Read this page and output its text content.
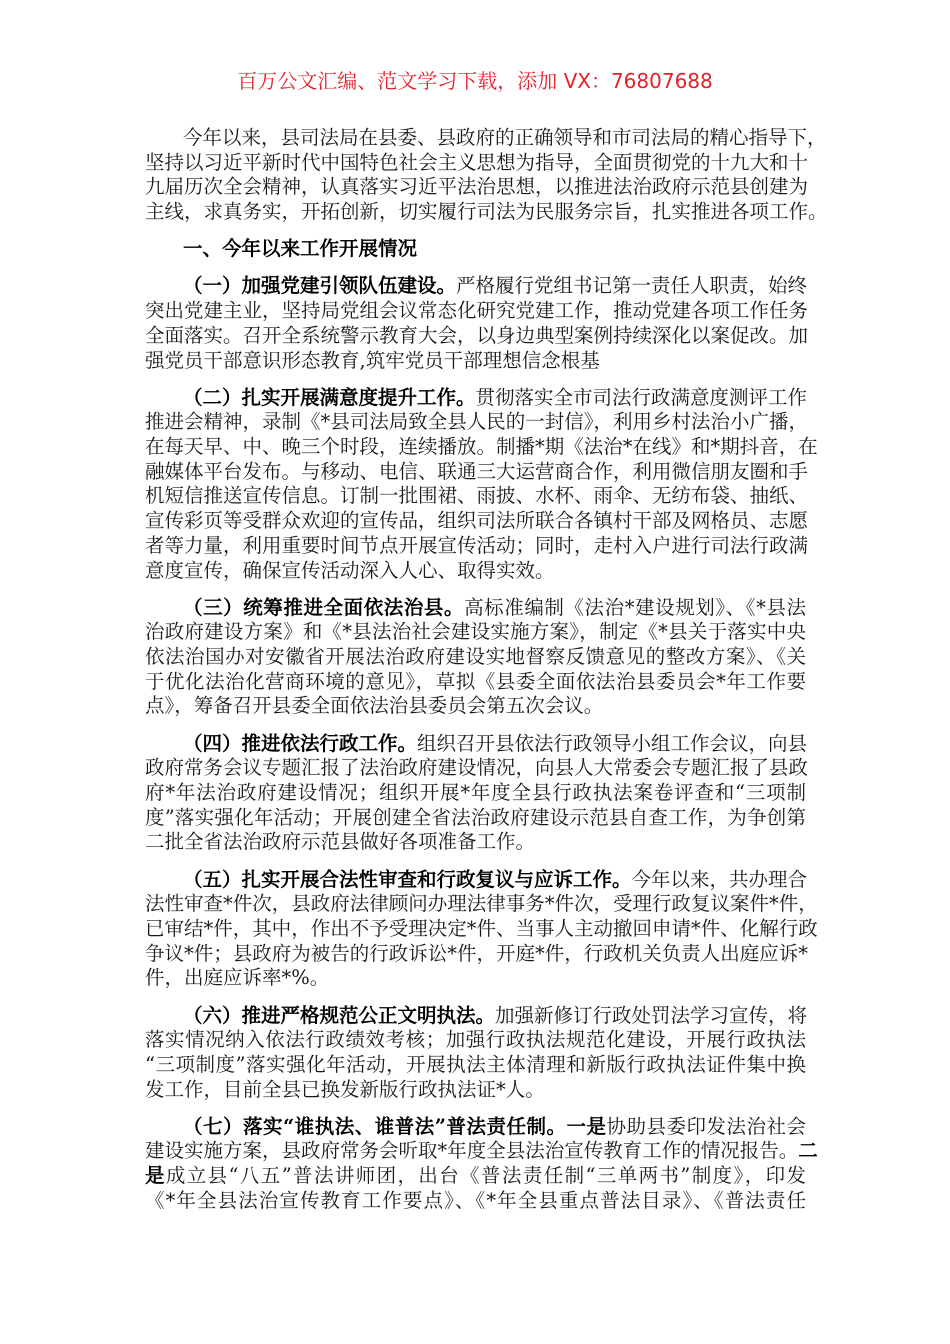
百万公文汇编、范文学习下载，添加 VX：76807688
今年以来，县司法局在县委、县政府的正确领导和市司法局的精心指导下，
坚持以习近平新时代中国特色社会主义思想为指导，全面贯彻党的十九大和十
九届历次全会精神，认真落实习近平法治思想，以推进法治政府示范县创建为
主线，求真务实，开拓创新，切实履行司法为民服务宗旨，扎实推进各项工作。
一、今年以来工作开展情况
（一）加强党建引领队伍建设。严格履行党组书记第一责任人职责，始终
突出党建主业，坚持局党组会议常态化研究党建工作，推动党建各项工作任务
全面落实。召开全系统警示教育大会，以身边典型案例持续深化以案促改。加
强党员干部意识形态教育,筑牢党员干部理想信念根基
（二）扎实开展满意度提升工作。贯彻落实全市司法行政满意度测评工作
推进会精神，录制《*县司法局致全县人民的一封信》，利用乡村法治小广播，
在每天早、中、晚三个时段，连续播放。制播*期《法治*在线》和*期抖音，在
融媒体平台发布。与移动、电信、联通三大运营商合作，利用微信朋友圈和手
机短信推送宣传信息。订制一批围裙、雨披、水杯、雨伞、无纺布袋、抽纸、
宣传彩页等受群众欢迎的宣传品，组织司法所联合各镇村干部及网格员、志愿
者等力量，利用重要时间节点开展宣传活动；同时，走村入户进行司法行政满
意度宣传，确保宣传活动深入人心、取得实效。
（三）统筹推进全面依法治县。高标准编制《法治*建设规划》、《*县法
治政府建设方案》和《*县法治社会建设实施方案》，制定《*县关于落实中央
依法治国办对安徽省开展法治政府建设实地督察反馈意见的整改方案》、《关
于优化法治化营商环境的意见》，草拟《县委全面依法治县委员会*年工作要
点》，筹备召开县委全面依法治县委员会第五次会议。
（四）推进依法行政工作。组织召开县依法行政领导小组工作会议，向县
政府常务会议专题汇报了法治政府建设情况，向县人大常委会专题汇报了县政
府*年法治政府建设情况；组织开展*年度全县行政执法案卷评查和“三项制
度”落实强化年活动；开展创建全省法治政府建设示范县自查工作，为争创第
二批全省法治政府示范县做好各项准备工作。
（五）扎实开展合法性审查和行政复议与应诉工作。今年以来，共办理合
法性审查*件次，县政府法律顾问办理法律事务*件次，受理行政复议案件*件，
已审结*件，其中，作出不予受理决定*件、当事人主动撤回申请*件、化解行政
争议*件；县政府为被告的行政诉讼*件，开庭*件，行政机关负责人出庭应诉*
件，出庭应诉率*%。
（六）推进严格规范公正文明执法。加强新修订行政处罚法学习宣传，将
落实情况纳入依法行政绩效考核；加强行政执法规范化建设，开展行政执法
“三项制度”落实强化年活动，开展执法主体清理和新版行政执法证件集中换
发工作，目前全县已换发新版行政执法证*人。
（七）落实“谁执法、谁普法”普法责任制。一是协助县委印发法治社会
建设实施方案，县政府常务会听取*年度全县法治宣传教育工作的情况报告。二
是成立县“八五”普法讲师团，出台《普法责任制“三单两书”制度》，印发
《*年全县法治宣传教育工作要点》、《*年全县重点普法目录》、《普法责任
